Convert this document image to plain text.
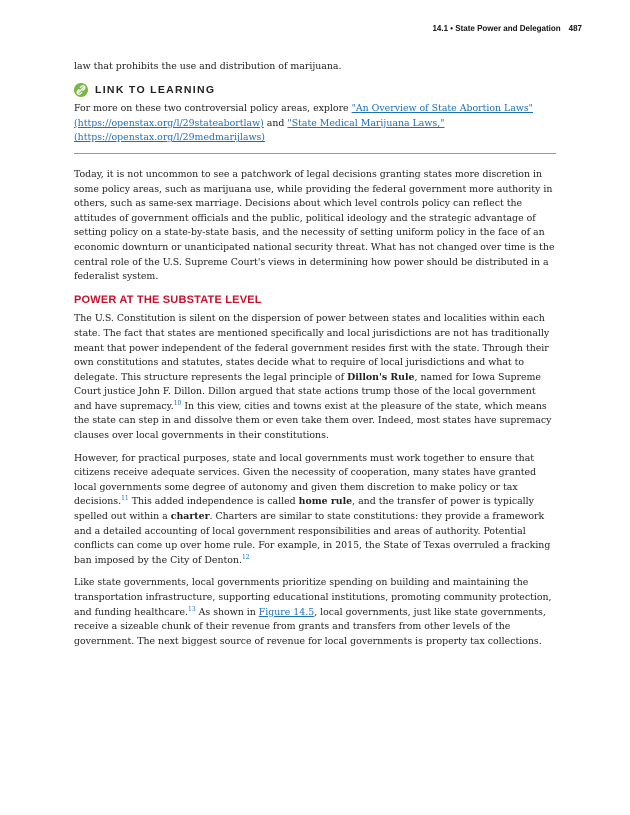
14.1 • State Power and Delegation 487

law that prohibits the use and distribution of marijuana.

LINK TO LEARNING

For more on these two controversial policy areas, explore "An Overview of State Abortion Laws" (https://openstax.org/l/29stateabortlaw) and "State Medical Marijuana Laws," (https://openstax.org/l/29medmarijlaws)

Today, it is not uncommon to see a patchwork of legal decisions granting states more discretion in some policy areas, such as marijuana use, while providing the federal government more authority in others, such as same-sex marriage. Decisions about which level controls policy can reflect the attitudes of government officials and the public, political ideology and the strategic advantage of setting policy on a state-by-state basis, and the necessity of setting uniform policy in the face of an economic downturn or unanticipated national security threat. What has not changed over time is the central role of the U.S. Supreme Court's views in determining how power should be distributed in a federalist system.

POWER AT THE SUBSTATE LEVEL

The U.S. Constitution is silent on the dispersion of power between states and localities within each state. The fact that states are mentioned specifically and local jurisdictions are not has traditionally meant that power independent of the federal government resides first with the state. Through their own constitutions and statutes, states decide what to require of local jurisdictions and what to delegate. This structure represents the legal principle of Dillon's Rule, named for Iowa Supreme Court justice John F. Dillon. Dillon argued that state actions trump those of the local government and have supremacy.$^{10}$ In this view, cities and towns exist at the pleasure of the state, which means the state can step in and dissolve them or even take them over. Indeed, most states have supremacy clauses over local governments in their constitutions.

However, for practical purposes, state and local governments must work together to ensure that citizens receive adequate services. Given the necessity of cooperation, many states have granted local governments some degree of autonomy and given them discretion to make policy or tax decisions.$^{11}$ This added independence is called home rule, and the transfer of power is typically spelled out within a charter. Charters are similar to state constitutions: they provide a framework and a detailed accounting of local government responsibilities and areas of authority. Potential conflicts can come up over home rule. For example, in 2015, the State of Texas overruled a fracking ban imposed by the City of Denton.$^{12}$

Like state governments, local governments prioritize spending on building and maintaining the transportation infrastructure, supporting educational institutions, promoting community protection, and funding healthcare.$^{13}$ As shown in Figure 14.5, local governments, just like state governments, receive a sizeable chunk of their revenue from grants and transfers from other levels of the government. The next biggest source of revenue for local governments is property tax collections.
